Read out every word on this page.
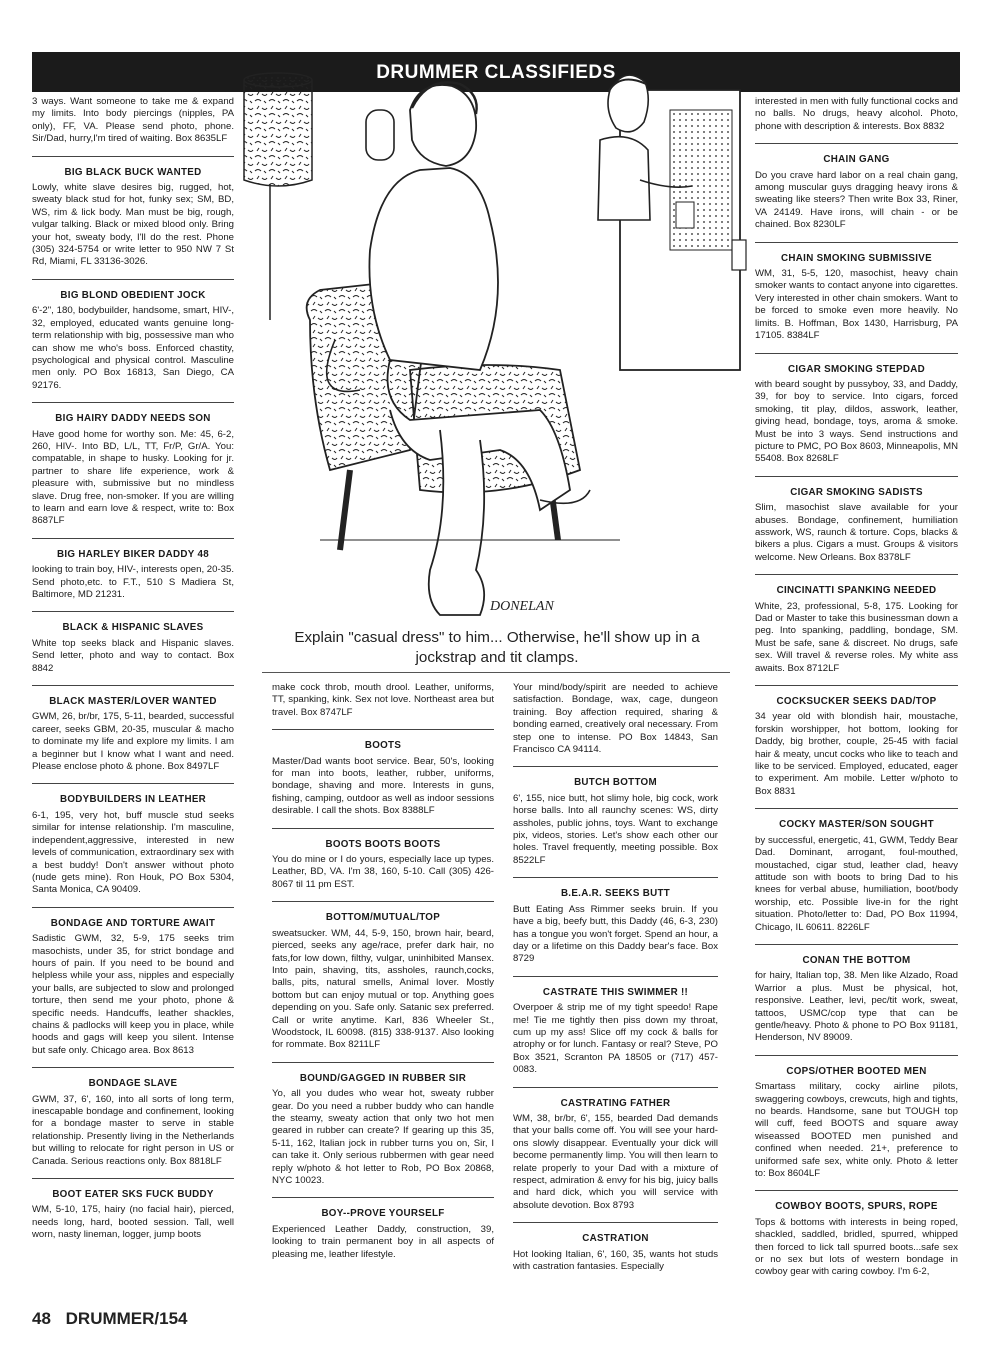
DRUMMER CLASSIFIEDS

3 ways. Want someone to take me & expand my limits. Into body piercings (nipples, PA only), FF, VA. Please send photo, phone. Sir/Dad, hurry,I'm tired of waiting. Box 8635LF

BIG BLACK BUCK WANTED

Lowly, white slave desires big, rugged, hot, sweaty black stud for hot, funky sex; SM, BD, WS, rim & lick body. Man must be big, rough, vulgar talking. Black or mixed blood only. Bring your hot, sweaty body, I'll do the rest. Phone (305) 324-5754 or write letter to 950 NW 7 St Rd, Miami, FL 33136-3026.

BIG BLOND OBEDIENT JOCK

6'-2", 180, bodybuilder, handsome, smart, HIV-, 32, employed, educated wants genuine long-term relationship with big, possessive man who can show me who's boss. Enforced chastity, psychological and physical control. Masculine men only. PO Box 16813, San Diego, CA 92176.

BIG HAIRY DADDY NEEDS SON

Have good home for worthy son. Me: 45, 6-2, 260, HIV-. Into BD, L/L, TT, Fr/P, Gr/A. You: compatable, in shape to husky. Looking for jr. partner to share life experience, work & pleasure with, submissive but no mindless slave. Drug free, non-smoker. If you are willing to learn and earn love & respect, write to: Box 8687LF

BIG HARLEY BIKER DADDY 48

looking to train boy, HIV-, interests open, 20-35. Send photo,etc. to F.T., 510 S Madiera St, Baltimore, MD 21231.

BLACK & HISPANIC SLAVES

White top seeks black and Hispanic slaves. Send letter, photo and way to contact. Box 8842

BLACK MASTER/LOVER WANTED

GWM, 26, br/br, 175, 5-11, bearded, successful career, seeks GBM, 20-35, muscular & macho to dominate my life and explore my limits. I am a beginner but I know what I want and need. Please enclose photo & phone. Box 8497LF

BODYBUILDERS IN LEATHER

6-1, 195, very hot, buff muscle stud seeks similar for intense relationship. I'm masculine, independent,aggressive, interested in new levels of communication, extraordinary sex with a best buddy! Don't answer without photo (nude gets mine). Ron Houk, PO Box 5304, Santa Monica, CA 90409.

BONDAGE AND TORTURE AWAIT

Sadistic GWM, 32, 5-9, 175 seeks trim masochists, under 35, for strict bondage and hours of pain. If you need to be bound and helpless while your ass, nipples and especially your balls, are subjected to slow and prolonged torture, then send me your photo, phone & specific needs. Handcuffs, leather shackles, chains & padlocks will keep you in place, while hoods and gags will keep you silent. Intense but safe only. Chicago area. Box 8613

BONDAGE SLAVE

GWM, 37, 6', 160, into all sorts of long term, inescapable bondage and confinement, looking for a bondage master to serve in stable relationship. Presently living in the Netherlands but willing to relocate for right person in US or Canada. Serious reactions only. Box 8818LF

BOOT EATER SKS FUCK BUDDY

WM, 5-10, 175, hairy (no facial hair), pierced, needs long, hard, booted session. Tall, well worn, nasty lineman, logger, jump boots

make cock throb, mouth drool. Leather, uniforms, TT, spanking, kink. Sex not love. Northeast area but travel. Box 8747LF

BOOTS

Master/Dad wants boot service. Bear, 50's, looking for man into boots, leather, rubber, uniforms, bondage, shaving and more. Interests in guns, fishing, camping, outdoor as well as indoor sessions desirable. I call the shots. Box 8388LF

BOOTS BOOTS BOOTS

You do mine or I do yours, especially lace up types. Leather, BD, VA. I'm 38, 160, 5-10. Call (305) 426-8067 til 11 pm EST.

BOTTOM/MUTUAL/TOP

sweatsucker. WM, 44, 5-9, 150, brown hair, beard, pierced, seeks any age/race, prefer dark hair, no fats,for low down, filthy, vulgar, uninhibited Mansex. Into pain, shaving, tits, assholes, raunch,cocks, balls, pits, natural smells, Animal lover. Mostly bottom but can enjoy mutual or top. Anything goes depending on you. Safe only. Satanic sex preferred. Call or write anytime. Karl, 836 Wheeler St., Woodstock, IL 60098. (815) 338-9137. Also looking for rommate. Box 8211LF

BOUND/GAGGED IN RUBBER SIR

Yo, all you dudes who wear hot, sweaty rubber gear. Do you need a rubber buddy who can handle the steamy, sweaty action that only two hot men geared in rubber can create? If gearing up this 35, 5-11, 162, Italian jock in rubber turns you on, Sir, I can take it. Only serious rubbermen with gear need reply w/photo & hot letter to Rob, PO Box 20868, NYC 10023.

BOY--PROVE YOURSELF

Experienced Leather Daddy, construction, 39, looking to train permanent boy in all aspects of pleasing me, leather lifestyle.

Your mind/body/spirit are needed to achieve satisfaction. Bondage, wax, cage, dungeon training. Boy affection required, sharing & bonding earned, creatively oral necessary. From step one to intense. PO Box 14843, San Francisco CA 94114.

BUTCH BOTTOM

6', 155, nice butt, hot slimy hole, big cock, work horse balls. Into all raunchy scenes: WS, dirty assholes, public johns, toys. Want to exchange pix, videos, stories. Let's show each other our holes. Travel frequently, meeting possible. Box 8522LF

B.E.A.R. SEEKS BUTT

Butt Eating Ass Rimmer seeks bruin. If you have a big, beefy butt, this Daddy (46, 6-3, 230) has a tongue you won't forget. Spend an hour, a day or a lifetime on this Daddy bear's face. Box 8729

CASTRATE THIS SWIMMER !!

Overpoer & strip me of my tight speedo! Rape me! Tie me tightly then piss down my throat, cum up my ass! Slice off my cock & balls for atrophy or for lunch. Fantasy or real? Steve, PO Box 3521, Scranton PA 18505 or (717) 457-0083.

CASTRATING FATHER

WM, 38, br/br, 6', 155, bearded Dad demands that your balls come off. You will see your hard-ons slowly disappear. Eventually your dick will become permanently limp. You will then learn to relate properly to your Dad with a mixture of respect, admiration & envy for his big, juicy balls and hard dick, which you will service with absolute devotion. Box 8793

CASTRATION

Hot looking Italian, 6', 160, 35, wants hot studs with castration fantasies. Especially

interested in men with fully functional cocks and no balls. No drugs, heavy alcohol. Photo, phone with description & interests. Box 8832

CHAIN GANG

Do you crave hard labor on a real chain gang, among muscular guys dragging heavy irons & sweating like steers? Then write Box 33, Riner, VA 24149. Have irons, will chain - or be chained. Box 8230LF

CHAIN SMOKING SUBMISSIVE

WM, 31, 5-5, 120, masochist, heavy chain smoker wants to contact anyone into cigarettes. Very interested in other chain smokers. Want to be forced to smoke even more heavily. No limits. B. Hoffman, Box 1430, Harrisburg, PA 17105. 8384LF

CIGAR SMOKING STEPDAD

with beard sought by pussyboy, 33, and Daddy, 39, for boy to service. Into cigars, forced smoking, tit play, dildos, asswork, leather, giving head, bondage, toys, aroma & smoke. Must be into 3 ways. Send instructions and picture to PMC, PO Box 8603, Minneapolis, MN 55408. Box 8268LF

CIGAR SMOKING SADISTS

Slim, masochist slave available for your abuses. Bondage, confinement, humiliation asswork, WS, raunch & torture. Cops, blacks & bikers a plus. Cigars a must. Groups & visitors welcome. New Orleans. Box 8378LF

CINCINATTI SPANKING NEEDED

White, 23, professional, 5-8, 175. Looking for Dad or Master to take this businessman down a peg. Into spanking, paddling, bondage, SM. Must be safe, sane & discreet. No drugs, safe sex. Will travel & reverse roles. My white ass awaits. Box 8712LF

COCKSUCKER SEEKS DAD/TOP

34 year old with blondish hair, moustache, forskin worshipper, hot bottom, looking for Daddy, big brother, couple, 25-45 with facial hair & meaty, uncut cocks who like to teach and like to be serviced. Employed, educated, eager to experiment. Am mobile. Letter w/photo to Box 8831

COCKY MASTER/SON SOUGHT

by successful, energetic, 41, GWM, Teddy Bear Dad. Dominant, arrogant, foul-mouthed, moustached, cigar stud, leather clad, heavy attitude son with boots to bring Dad to his knees for verbal abuse, humiliation, boot/body worship, etc. Possible live-in for the right situation. Photo/letter to: Dad, PO Box 11994, Chicago, IL 60611. 8226LF

CONAN THE BOTTOM

for hairy, Italian top, 38. Men like Alzado, Road Warrior a plus. Must be physical, hot, responsive. Leather, levi, pec/tit work, sweat, tattoos, USMC/cop type that can be gentle/heavy. Photo & phone to PO Box 91181, Henderson, NV 89009.

COPS/OTHER BOOTED MEN

Smartass military, cocky airline pilots, swaggering cowboys, crewcuts, high and tights, no beards. Handsome, sane but TOUGH top will cuff, feed BOOTS and square away wiseassed BOOTED men punished and confined when needed. 21+, preference to uniformed safe sex, white only. Photo & letter to: Box 8604LF

COWBOY BOOTS, SPURS, ROPE

Tops & bottoms with interests in being roped, shackled, saddled, bridled, spurred, whipped then forced to lick tall spurred boots...safe sex or no sex but lots of western bondage in cowboy gear with caring cowboy. I'm 6-2,

DONELAN
Explain "casual dress" to him... Otherwise, he'll show up in a jockstrap and tit clamps.
48 DRUMMER/154
